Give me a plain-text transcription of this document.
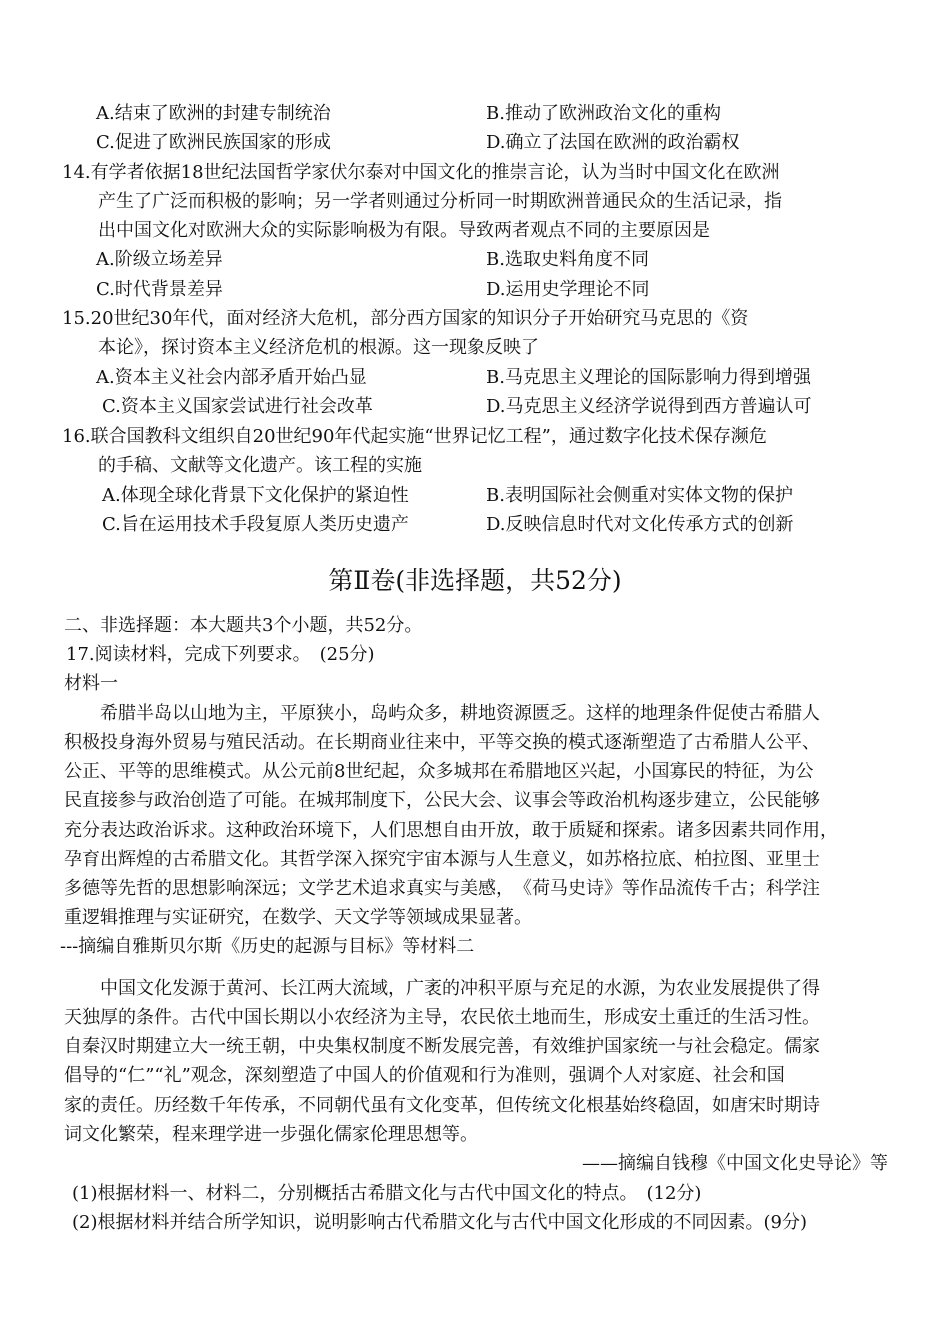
A.结束了欧洲的封建专制统治	B.推动了欧洲政治文化的重构
C.促进了欧洲民族国家的形成	D.确立了法国在欧洲的政治霸权
14.有学者依据18世纪法国哲学家伏尔泰对中国文化的推崇言论，认为当时中国文化在欧洲
产生了广泛而积极的影响；另一学者则通过分析同一时期欧洲普通民众的生活记录，指
出中国文化对欧洲大众的实际影响极为有限。导致两者观点不同的主要原因是
A.阶级立场差异	B.选取史料角度不同
C.时代背景差异	D.运用史学理论不同
15.20世纪30年代，面对经济大危机，部分西方国家的知识分子开始研究马克思的《资
本论》，探讨资本主义经济危机的根源。这一现象反映了
A.资本主义社会内部矛盾开始凸显	B.马克思主义理论的国际影响力得到增强
C.资本主义国家尝试进行社会改革	D.马克思主义经济学说得到西方普遍认可
16.联合国教科文组织自20世纪90年代起实施“世界记忆工程”，通过数字化技术保存濒危
的手稿、文献等文化遗产。该工程的实施
A.体现全球化背景下文化保护的紧迫性	B.表明国际社会侧重对实体文物的保护
C.旨在运用技术手段复原人类历史遗产	D.反映信息时代对文化传承方式的创新
第Ⅱ卷(非选择题，共52分)
二、非选择题：本大题共3个小题，共52分。
17.阅读材料，完成下列要求。　(25分)
材料一
希腊半岛以山地为主，平原狭小，岛屿众多，耕地资源匮乏。这样的地理条件促使古希腊人
积极投身海外贸易与殖民活动。在长期商业往来中，平等交换的模式逐渐塑造了古希腊人公平、
公正、平等的思维模式。从公元前8世纪起，众多城邦在希腊地区兴起，小国寡民的特征，为公
民直接参与政治创造了可能。在城邦制度下，公民大会、议事会等政治机构逐步建立，公民能够
充分表达政治诉求。这种政治环境下，人们思想自由开放，敢于质疑和探索。诸多因素共同作用，
孕育出辉煌的古希腊文化。其哲学深入探究宇宙本源与人生意义，如苏格拉底、柏拉图、亚里士
多德等先哲的思想影响深远；文学艺术追求真实与美感，　《荷马史诗》等作品流传千古；科学注
重逻辑推理与实证研究，在数学、天文学等领域成果显著。
---摘编自雅斯贝尔斯《历史的起源与目标》等材料二
中国文化发源于黄河、长江两大流域，广袤的冲积平原与充足的水源，为农业发展提供了得
天独厚的条件。古代中国长期以小农经济为主导，农民依土地而生，形成安土重迁的生活习性。
自秦汉时期建立大一统王朝，中央集权制度不断发展完善，有效维护国家统一与社会稳定。儒家
倡导的“仁”“礼”观念，深刻塑造了中国人的价值观和行为准则，强调个人对家庭、社会和国
家的责任。历经数千年传承，不同朝代虽有文化变革，但传统文化根基始终稳固，如唐宋时期诗
词文化繁荣，程来理学进一步强化儒家伦理思想等。
——摘编自钱穆《中国文化史导论》等
(1)根据材料一、材料二，分别概括古希腊文化与古代中国文化的特点。　(12分)
(2)根据材料并结合所学知识，说明影响古代希腊文化与古代中国文化形成的不同因素。(9分)
